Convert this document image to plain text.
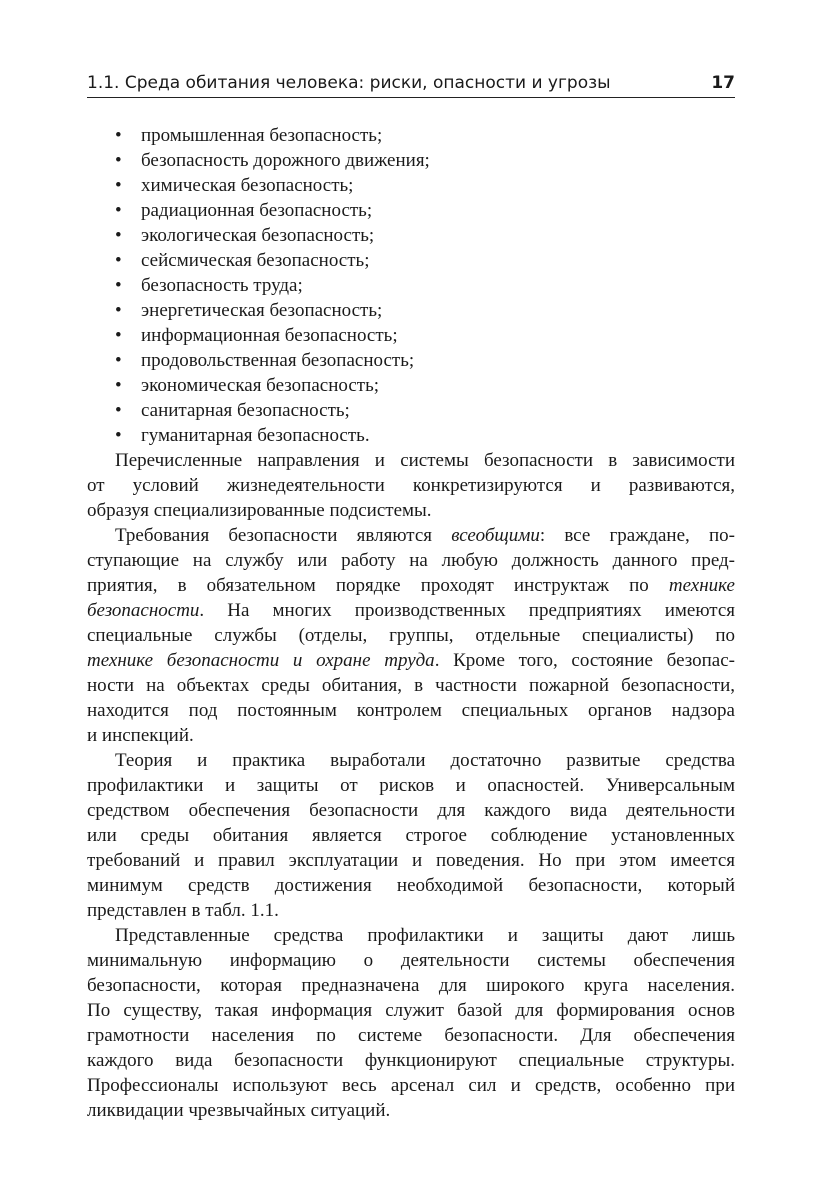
1.1. Среда обитания человека: риски, опасности и угрозы	17
• промышленная безопасность;
• безопасность дорожного движения;
• химическая безопасность;
• радиационная безопасность;
• экологическая безопасность;
• сейсмическая безопасность;
• безопасность труда;
• энергетическая безопасность;
• информационная безопасность;
• продовольственная безопасность;
• экономическая безопасность;
• санитарная безопасность;
• гуманитарная безопасность.

Перечисленные направления и системы безопасности в зависимости
от условий жизнедеятельности конкретизируются и развиваются,
образуя специализированные подсистемы.

Требования безопасности являются всеобщими: все граждане, по-
ступающие на службу или работу на любую должность данного пред-
приятия, в обязательном порядке проходят инструктаж по технике
безопасности. На многих производственных предприятиях имеются
специальные службы (отделы, группы, отдельные специалисты) по
технике безопасности и охране труда. Кроме того, состояние безопас-
ности на объектах среды обитания, в частности пожарной безопасности,
находится под постоянным контролем специальных органов надзора
и инспекций.

Теория и практика выработали достаточно развитые средства
профилактики и защиты от рисков и опасностей. Универсальным
средством обеспечения безопасности для каждого вида деятельности
или среды обитания является строгое соблюдение установленных
требований и правил эксплуатации и поведения. Но при этом имеется
минимум средств достижения необходимой безопасности, который
представлен в табл. 1.1.

Представленные средства профилактики и защиты дают лишь
минимальную информацию о деятельности системы обеспечения
безопасности, которая предназначена для широкого круга населения.
По существу, такая информация служит базой для формирования основ
грамотности населения по системе безопасности. Для обеспечения
каждого вида безопасности функционируют специальные структуры.
Профессионалы используют весь арсенал сил и средств, особенно при
ликвидации чрезвычайных ситуаций.
